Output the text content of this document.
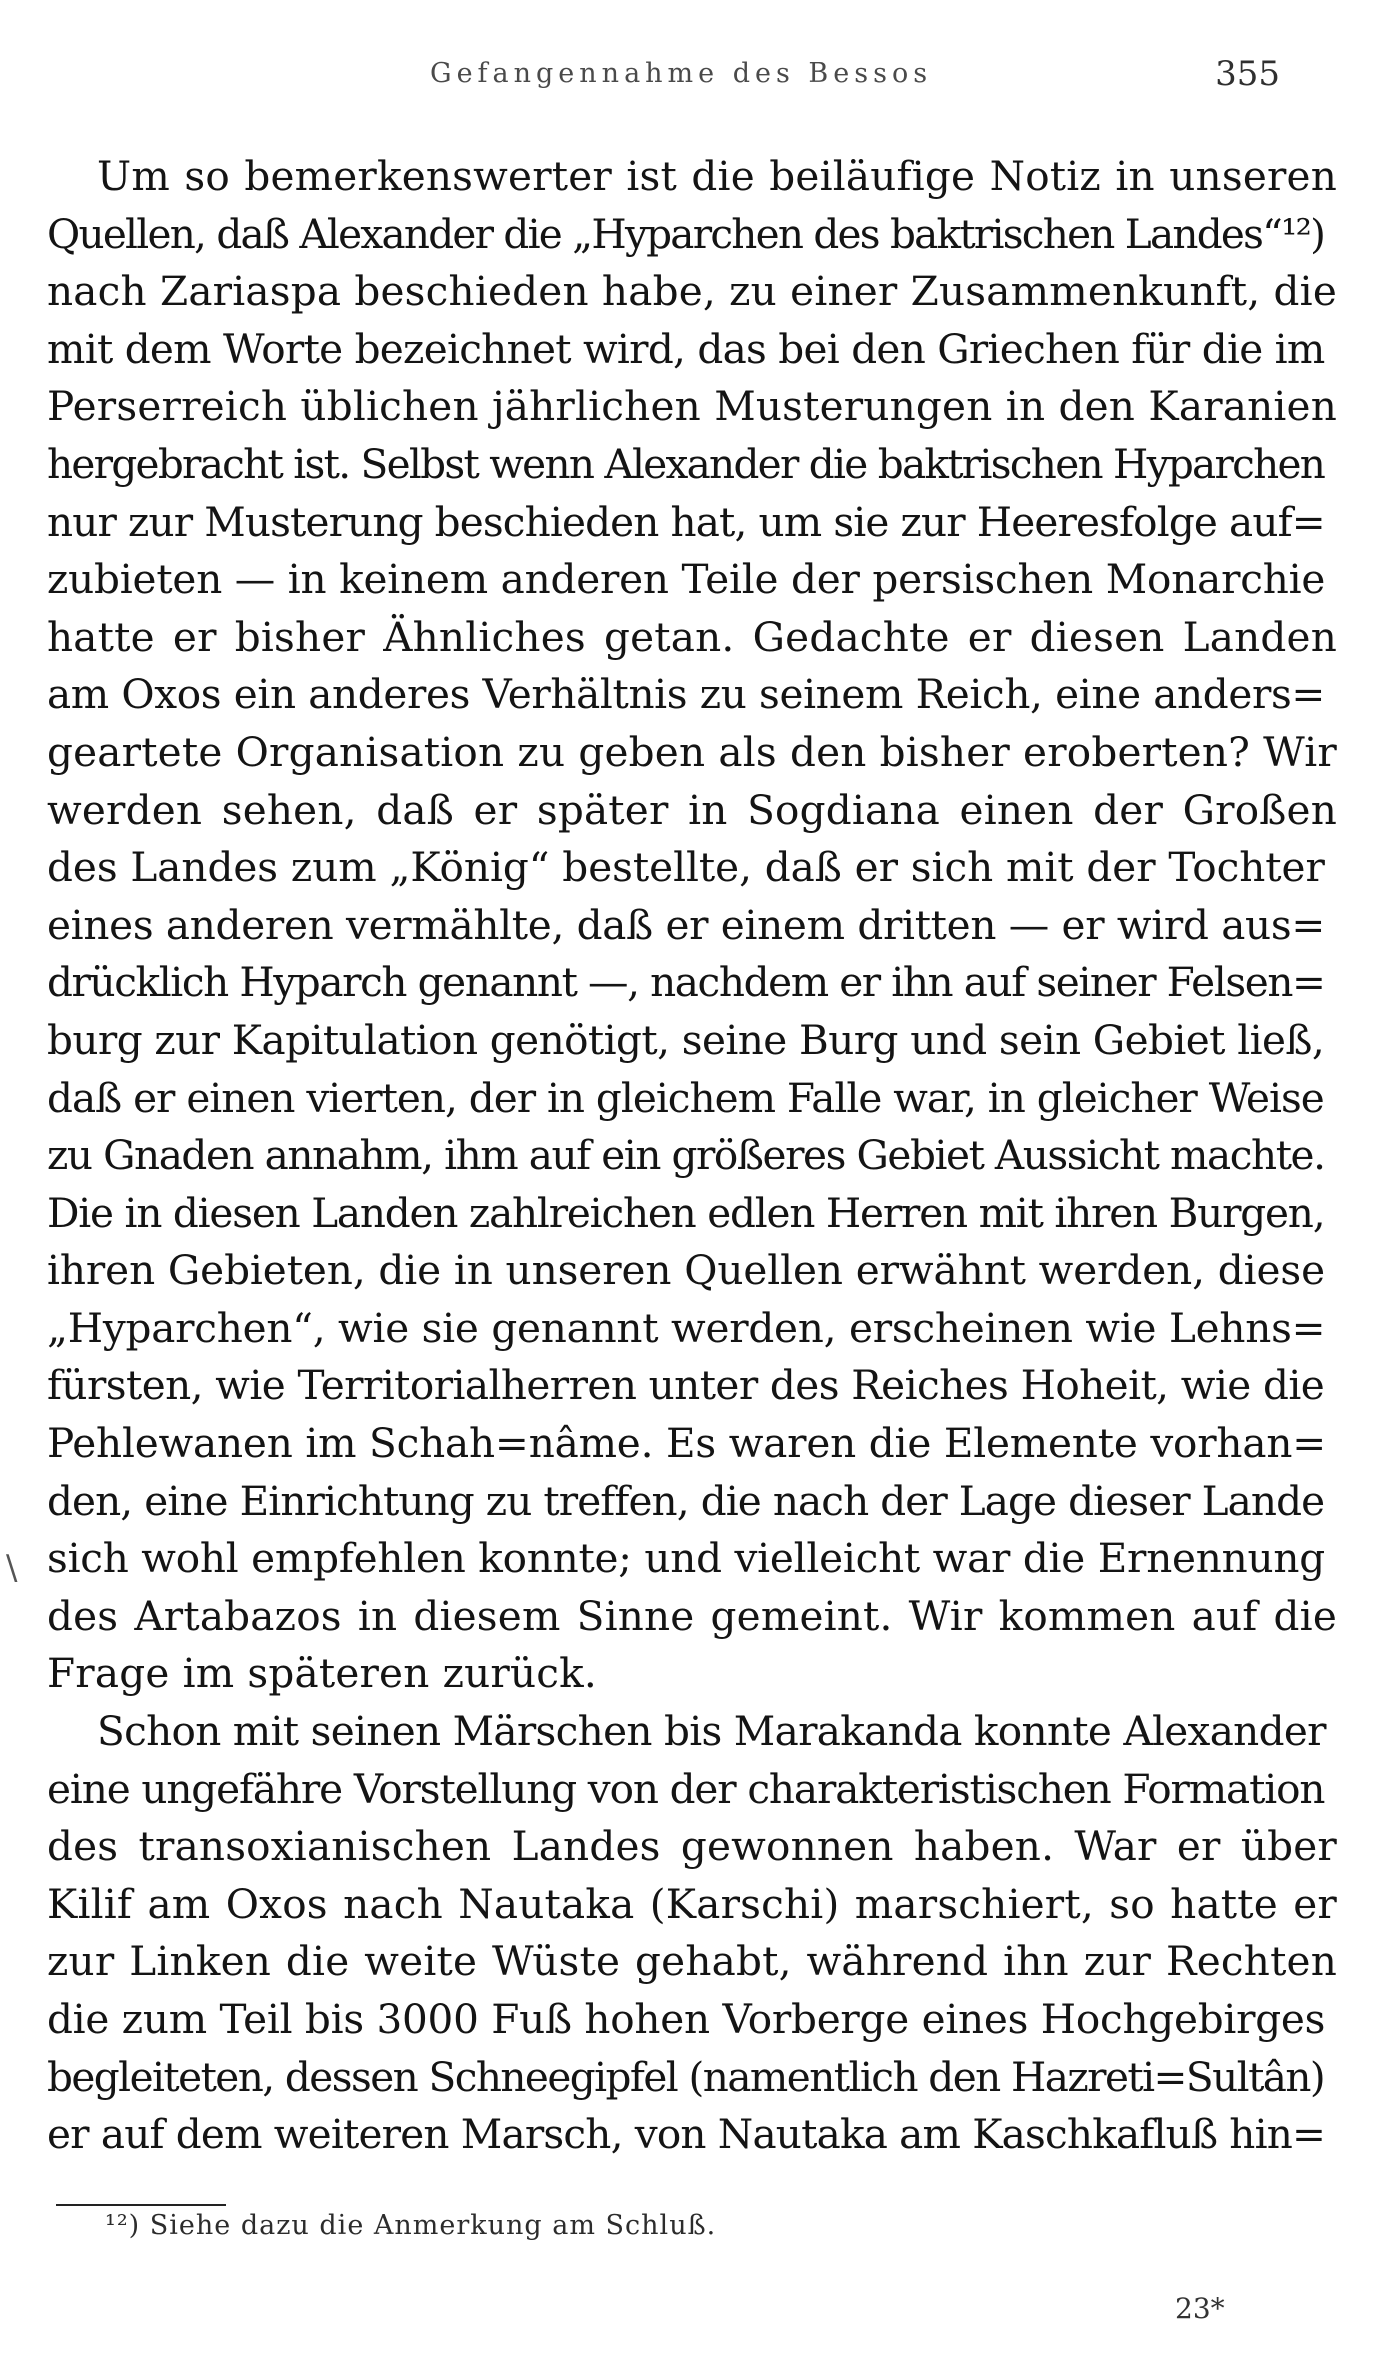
Gefangennahme des Bessos	355
\
Um so bemerkenswerter ist die beiläufige Notiz in unseren
Quellen, daß Alexander die „Hyparchen des baktrischen Landes“¹²)
nach Zariaspa beschieden habe, zu einer Zusammenkunft, die
mit dem Worte bezeichnet wird, das bei den Griechen für die im
Perserreich üblichen jährlichen Musterungen in den Karanien
hergebracht ist. Selbst wenn Alexander die baktrischen Hyparchen
nur zur Musterung beschieden hat, um sie zur Heeresfolge auf=
zubieten — in keinem anderen Teile der persischen Monarchie
hatte er bisher Ähnliches getan. Gedachte er diesen Landen
am Oxos ein anderes Verhältnis zu seinem Reich, eine anders=
geartete Organisation zu geben als den bisher eroberten? Wir
werden sehen, daß er später in Sogdiana einen der Großen
des Landes zum „König“ bestellte, daß er sich mit der Tochter
eines anderen vermählte, daß er einem dritten — er wird aus=
drücklich Hyparch genannt —, nachdem er ihn auf seiner Felsen=
burg zur Kapitulation genötigt, seine Burg und sein Gebiet ließ,
daß er einen vierten, der in gleichem Falle war, in gleicher Weise
zu Gnaden annahm, ihm auf ein größeres Gebiet Aussicht machte.
Die in diesen Landen zahlreichen edlen Herren mit ihren Burgen,
ihren Gebieten, die in unseren Quellen erwähnt werden, diese
„Hyparchen“, wie sie genannt werden, erscheinen wie Lehns=
fürsten, wie Territorialherren unter des Reiches Hoheit, wie die
Pehlewanen im Schah=nâme. Es waren die Elemente vorhan=
den, eine Einrichtung zu treffen, die nach der Lage dieser Lande
sich wohl empfehlen konnte; und vielleicht war die Ernennung
des Artabazos in diesem Sinne gemeint. Wir kommen auf die
Frage im späteren zurück.
Schon mit seinen Märschen bis Marakanda konnte Alexander
eine ungefähre Vorstellung von der charakteristischen Formation
des transoxianischen Landes gewonnen haben. War er über
Kilif am Oxos nach Nautaka (Karschi) marschiert, so hatte er
zur Linken die weite Wüste gehabt, während ihn zur Rechten
die zum Teil bis 3000 Fuß hohen Vorberge eines Hochgebirges
begleiteten, dessen Schneegipfel (namentlich den Hazreti=Sultân)
er auf dem weiteren Marsch, von Nautaka am Kaschkafluß hin=
¹²) Siehe dazu die Anmerkung am Schluß.
23*
